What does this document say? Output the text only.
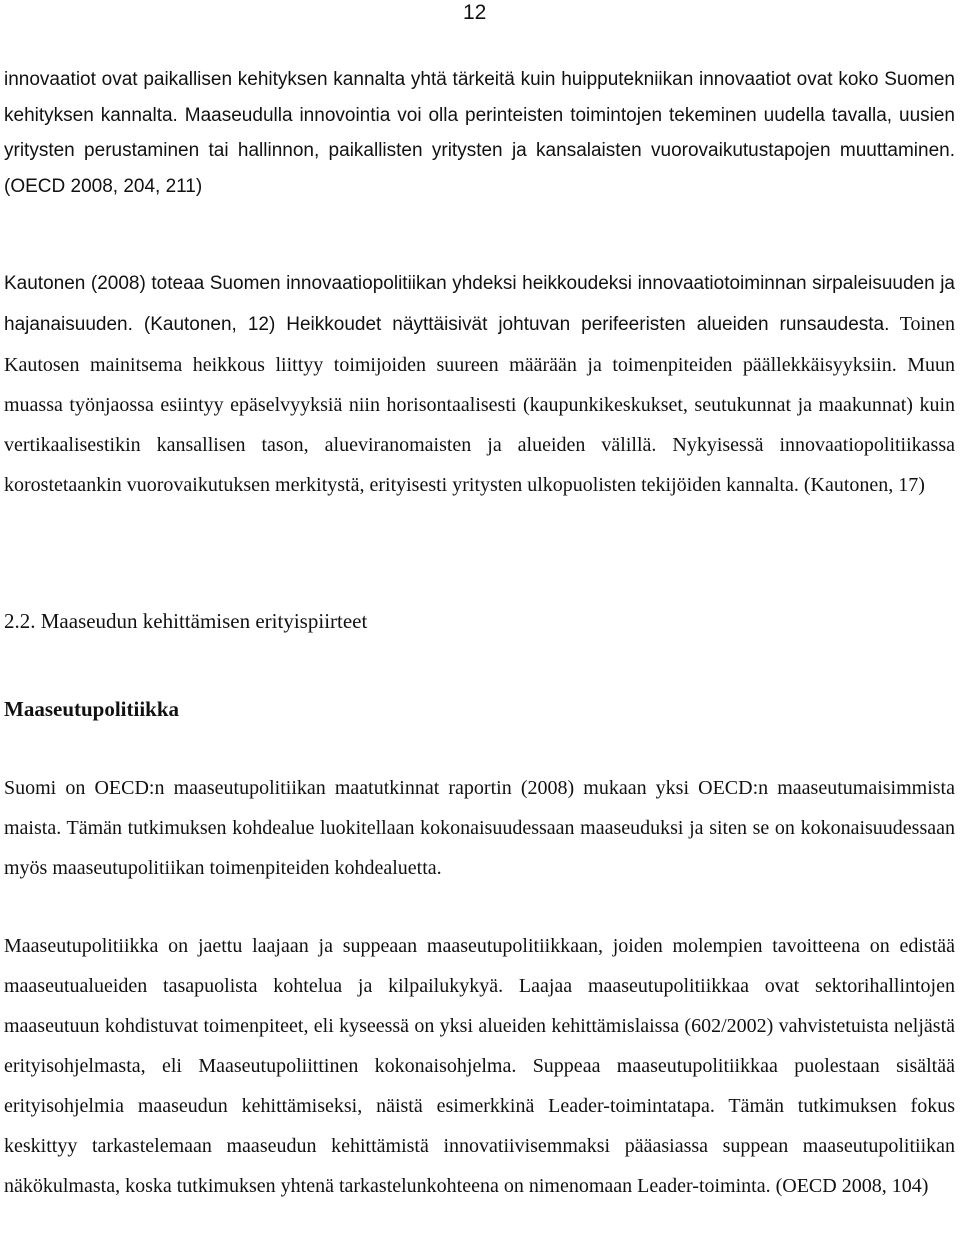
12

innovaatiot ovat paikallisen kehityksen kannalta yhtä tärkeitä kuin huipputekniikan innovaatiot ovat koko Suomen kehityksen kannalta. Maaseudulla innovointia voi olla perinteisten toimintojen tekeminen uudella tavalla, uusien yritysten perustaminen tai hallinnon, paikallisten yritysten ja kansalaisten vuorovaikutustapojen muuttaminen. (OECD 2008, 204, 211)

Kautonen (2008) toteaa Suomen innovaatiopolitiikan yhdeksi heikkoudeksi innovaatiotoiminnan sirpaleisuuden ja hajanaisuuden. (Kautonen, 12) Heikkoudet näyttäisivät johtuvan perifeeristen alueiden runsaudesta. Toinen Kautosen mainitsema heikkous liittyy toimijoiden suureen määrään ja toimenpiteiden päällekkäisyyksiin. Muun muassa työnjaossa esiintyy epäselvyyksiä niin horisontaalisesti (kaupunkikeskukset, seutukunnat ja maakunnat) kuin vertikaalisestikin kansallisen tason, alueviranomaisten ja alueiden välillä. Nykyisessä innovaatiopolitiikassa korostetaankin vuorovaikutuksen merkitystä, erityisesti yritysten ulkopuolisten tekijöiden kannalta. (Kautonen, 17)

2.2. Maaseudun kehittämisen erityispiirteet
Maaseutupolitiikka

Suomi on OECD:n maaseutupolitiikan maatutkinnat raportin (2008) mukaan yksi OECD:n maaseutumaisimmista maista. Tämän tutkimuksen kohdealue luokitellaan kokonaisuudessaan maaseuduksi ja siten se on kokonaisuudessaan myös maaseutupolitiikan toimenpiteiden kohdealuetta.

Maaseutupolitiikka on jaettu laajaan ja suppeaan maaseutupolitiikkaan, joiden molempien tavoitteena on edistää maaseutualueiden tasapuolista kohtelua ja kilpailukykyä. Laajaa maaseutupolitiikkaa ovat sektorihallintojen maaseutuun kohdistuvat toimenpiteet, eli kyseessä on yksi alueiden kehittämislaissa (602/2002) vahvistetuista neljästä erityisohjelmasta, eli Maaseutupoliittinen kokonaisohjelma. Suppeaa maaseutupolitiikkaa puolestaan sisältää erityisohjelmia maaseudun kehittämiseksi, näistä esimerkkinä Leader-toimintatapa. Tämän tutkimuksen fokus keskittyy tarkastelemaan maaseudun kehittämistä innovatiivisemmaksi pääasiassa suppean maaseutupolitiikan näkökulmasta, koska tutkimuksen yhtenä tarkastelunkohteena on nimenomaan Leader-toiminta. (OECD 2008, 104)
